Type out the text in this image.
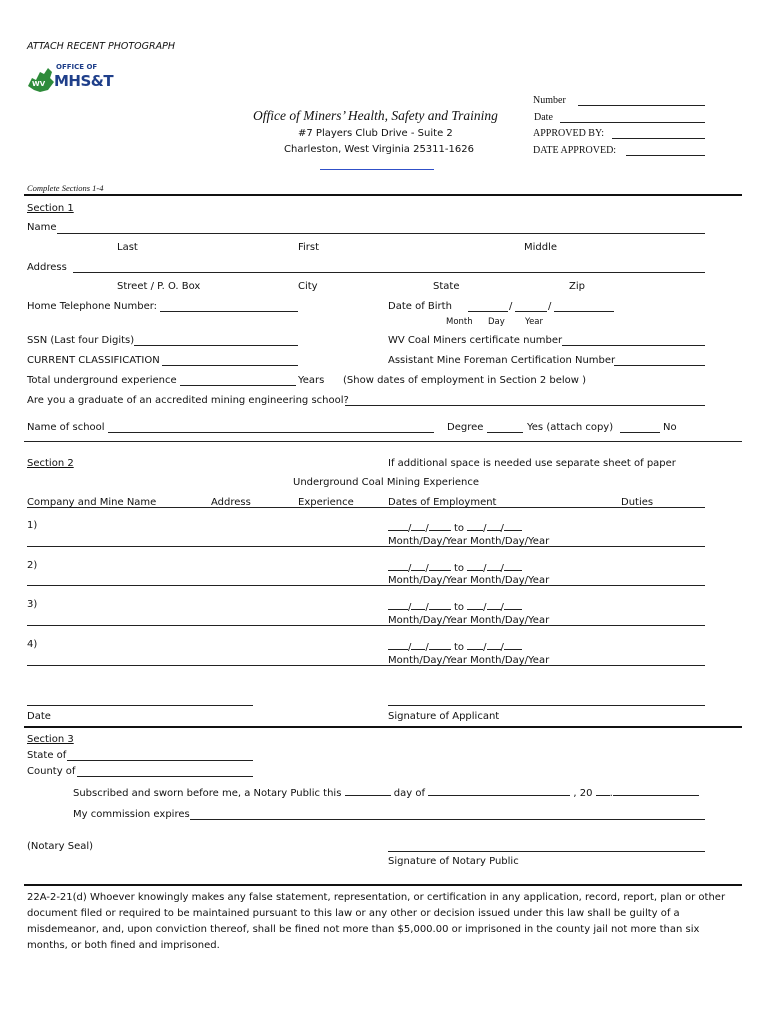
ATTACH RECENT PHOTOGRAPH
WV
OFFICE OF
MHS&T
Office of Miners’ Health, Safety and Training
#7 Players Club Drive - Suite 2
Charleston, West Virginia 25311-1626
Number
Date
APPROVED BY:
DATE APPROVED:
Complete Sections 1-4
Section 1
Name
Last	First	Middle
Address
Street / P. O. Box	City	State	Zip
Home Telephone Number:	Date of Birth	/	/
Month Day Year
SSN (Last four Digits)	WV Coal Miners certificate number
CURRENT CLASSIFICATION	Assistant Mine Foreman Certification Number
Total underground experience	Years (Show dates of employment in Section 2 below )
Are you a graduate of an accredited mining engineering school?
Name of school	Degree	Yes (attach copy)	No
Section 2	If additional space is needed use separate sheet of paper
Underground Coal Mining Experience
Company and Mine Name	Address	Experience	Dates of Employment	Duties
1)	/ /	to / /
Month/Day/Year Month/Day/Year
2)	/ /	to / /
Month/Day/Year Month/Day/Year
3)	/ /	to / /
Month/Day/Year Month/Day/Year
4)	/ /	to / /
Month/Day/Year Month/Day/Year
Date	Signature of Applicant
Section 3
State of
County of
Subscribed and sworn before me, a Notary Public this	day of	, 20 .
My commission expires
(Notary Seal)
Signature of Notary Public
22A-2-21(d) Whoever knowingly makes any false statement, representation, or certification in any application, record, report, plan or other document filed or required to be maintained pursuant to this law or any other or decision issued under this law shall be guilty of a misdemeanor, and, upon conviction thereof, shall be fined not more than $5,000.00 or imprisoned in the county jail not more than six months, or both fined and imprisoned.
